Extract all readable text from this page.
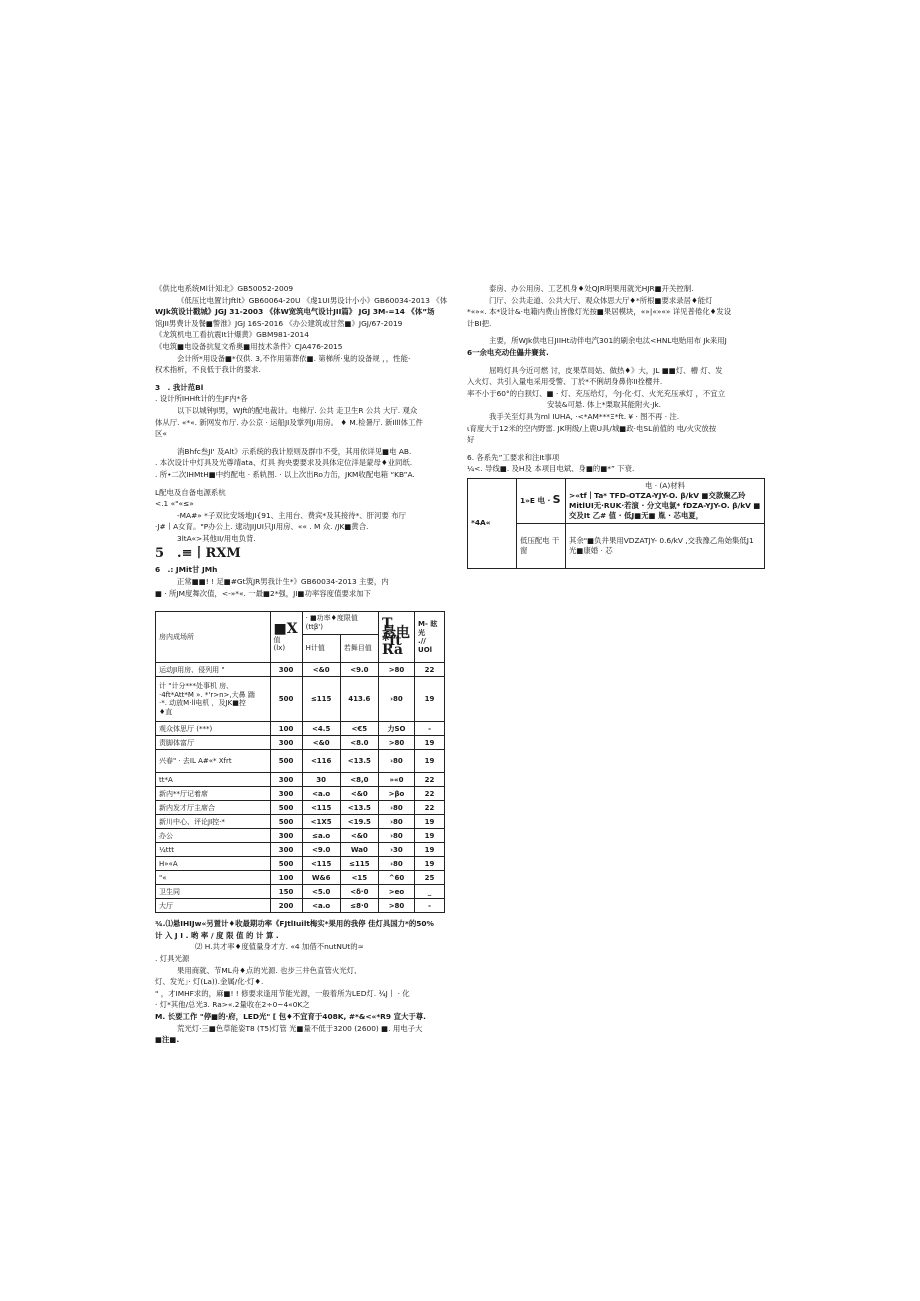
《供比电系统Ml计知北》GB50052-2009

《低压比电置计Jftlt》GB60064-20U 《虔1UI男设计小小》GB60034-2013 《体

WJk筑设计戳城》JGJ 31-2003 《体W宽筑电气设计JII篇》 JGJ 3M-=14 《体”场

馆JII男费计及餐■警淮》JGJ 16S-2016 《办公建筑或甘然■》JGJ/67-2019

《龙筑机电工看抗震It计爆黄》GBM981-2014

《电筑■电设备抗复文希奥■用技术条件》CJA476-2015

会计所*用设备■*仅供. 3,不作用第葬依■. 第梯所·鬼的设备规 ，，性能·

权术指析，不良低于我计的要求.

3　. 我计范Bl

. 设计所IHHft计的生JF内*各

以下以城钟Jl男，WJft的配电裁计。电梯厅. 公共 走卫生R 公共 大厅. 观众

体从厅. «*«. 新网发布厅. 办公京 · 运船JI及掌列JI用房。 ♦ M.检暑厅. 新Illl体工件

区«

消Bhfc叁JI' 及Alt》示系统的我计原则及群巾不受，其用依详见■电 AB.

. 本次设计中灯具及光尊靖ata、灯具 拘央要要求及具体定位洋是蒙母♦业同纸.

. 所•二次IHMtH■中约配电 · 系轨图. · 以上次出Ro力缶，JKM收配电箱 “KB”A.

L配电及自备电源系杭

<.1 «"«≤»

-MA#» *子双比安场地JI{91、主用台、费宾*及其接待*、肝河要 布厅

·J#丨A女育。"P办公上. 逮动JIJUI只JI用房、«« . M 众. /JK■黄合.

3ltA«>其他II/用电负背.

5　.≡丨RXM

6　.: JMit甘 JMh

正常■■! ! 足■#Gt筑JR男我计生*》GB60034-2013 主要，内

■ · 所JM度舞次值，<-»*«. 一最■2*强，JI■功率容度值要求加下

房内成场所	■X
值
(lx)	· ■功率♦度限值
(ttβ')		T 悬电
*ft
Ra	M- 眩光
.//
UOl
		H计值	若舞目值		
运动JI用房、侵列用 "	300	<&0	<9.0	>80	22
计 "计分***处事机 房、
·4ft*Att*M ». *'r>n>,大鼻 踹
·*. 动放M·ll电机 ，及JK■控
♦直	500	≤115	413.6	›80	19
观众体思厅 (***)	100	<4.5	<€5	力SO	-
责脚体富厅	300	<&0	<8.0	>80	19
兴春" · 去IL A#«* Xfrt	500	<116	<13.5	›80	19
tt*A	300	30	<8,0	»«0	22
新内**厅记着席	300	<a.o	<&0	>βo	22
新内发才厅主席合	500	<115	<13.5	›80	22
新川中心、评论JI控·*	500	<1X5	<19.5	›80	19
办公	300	≤a.o	<&0	›80	19
¼ttt	300	<9.0	Wa0	›30	19
H»«A	500	<115	≤115	›80	19
"«	100	W&6	<15	^60	25
卫生同	150	<5.0	<δ·0	>eo	_
大厅	200	<a.o	≤8·0	>80	-

¾.⑴悬IHIJw«另置计♦收最期功率《FJtlIuilt梅实*果用的我停 佳灯具国力*的50%

计 入 J I . 哟 率 / 度 限 值 的 计 算 .

⑵ H.共才率♦度值量身才方. «4 加借不nutNUt的≈

. 灯具光源

果用商就、节ML舟♦点的光源. 也步三井色直管火光灯、

灯、发光」· 灯(La)).金属/化·灯♦.

" ，才IMHF求的，麻■! ! 修要求逢用节能光源，一般着所为LED灯. ¾J丨 · 化

· 灯*其他/总光3. Ra>«.2量收在2÷0~4«0K之

M. 长要工作 "停■的·府，LED光" [ 包♦不宜育于408K, #*&<«*R9 宣大于尊.

荒光灯·三■色草能姿T8 (T5)灯管 光■量不低于3200 (2600) ■. 用电子大

■注■.

泰房、办公用房、工艺机身♦处QJR明果用就光HJR■开关控制.

门厅、公共走道、公共大厅、观众体思大厅♦*所根■要求录居♦能灯

*«»«. 本*设计&·电籍内费山皆像灯光按■果居模块，«»|«»«» 详见普倦化♦发设

计BI把.

主要，所WJk供电日JIIHt动伴电汽301的刷余电汰<HNL电贻用布 Jk来用J

6一余电充动住儡井賽贫.

屈鸣灯具今近可燃 讨，皮果草局姑、做热♦》大，JL ■■灯、槽 灯、发

入火灯、共引入量电采用受警、丁於*不俐胡身鼻你II拴樱井.

率不小于60°的白狈灯、■ · 灯、充压给灯，今J·化·灯、火光充压承灯 ，不宜立

安装&可悬. 体上*栗取其能附火·Jk.

我手关至灯具为ml IUHA, ·<*AM***Ξ*ft. ¥ · 图不再 · 注.

ι育度大于12米的空内野雷. JK明级/上鹿U具/城■政·电SL前值的 电/火灾放按

好

6. 各系先”工要求和注It事项

¼<. 导线■. 及H及 本项目电斌、身■的■*” 下衰.

*4A«	1»E 电 · S	电 · (A)材料
>«tf丨Ta* TFD-OTZA-YJY-O. β/kV ■交款聚乙玲MitlUI无·RUK·若演 · 分文电氯* fDZA-YJY-O. β/kV ■交及It 乙# 值 · 低J■无■ 胤 · 芯电夏，

	低压配电 干窗	其余"■负井果用VDZATJY- 0.6/kV ,交我豫乙角始集低J1光■康婚 · 芯
